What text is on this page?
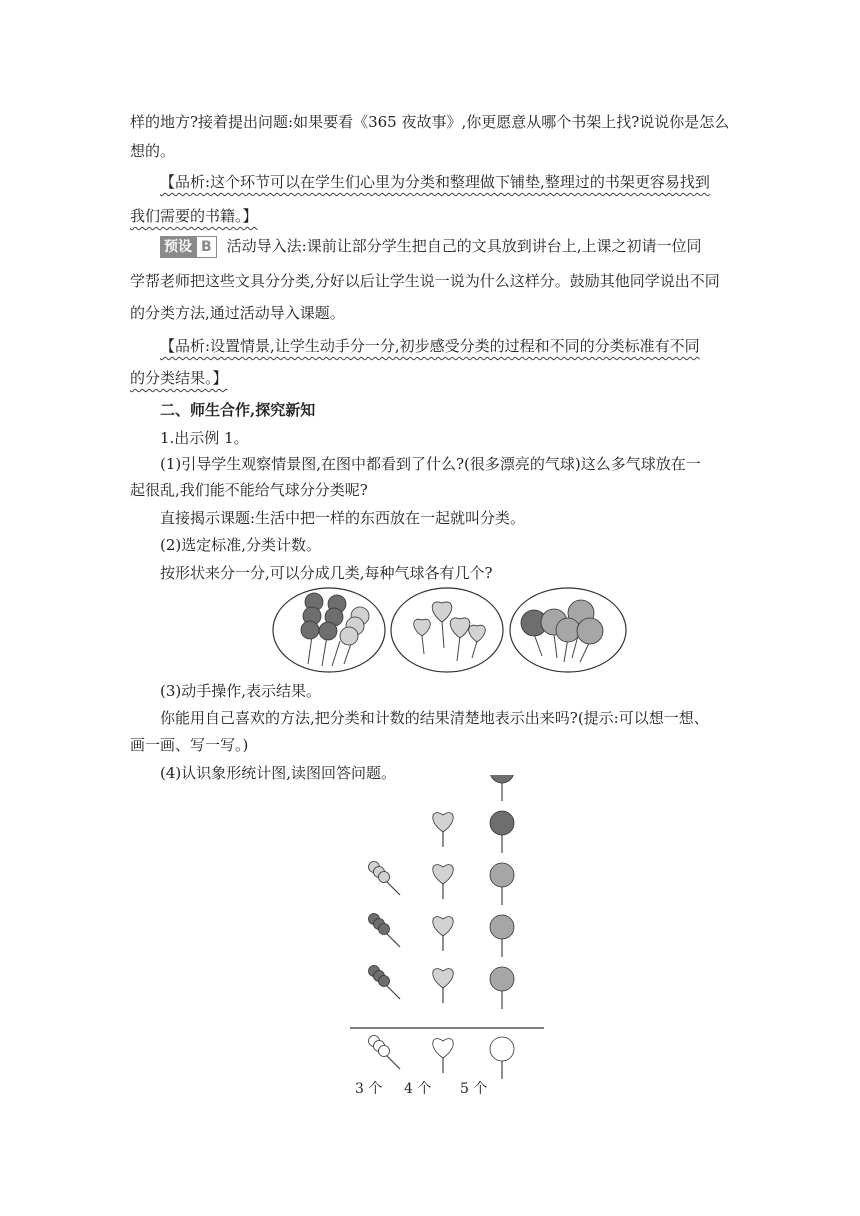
样的地方?接着提出问题:如果要看《365 夜故事》,你更愿意从哪个书架上找?说说你是怎么
想的。
【品析:这个环节可以在学生们心里为分类和整理做下铺垫,整理过的书架更容易找到
我们需要的书籍。】
预设 B 活动导入法:课前让部分学生把自己的文具放到讲台上,上课之初请一位同
学帮老师把这些文具分分类,分好以后让学生说一说为什么这样分。鼓励其他同学说出不同
的分类方法,通过活动导入课题。
【品析:设置情景,让学生动手分一分,初步感受分类的过程和不同的分类标准有不同
的分类结果。】
二、师生合作,探究新知
1.出示例 1。
(1)引导学生观察情景图,在图中都看到了什么?(很多漂亮的气球)这么多气球放在一
起很乱,我们能不能给气球分分类呢?
直接揭示课题:生活中把一样的东西放在一起就叫分类。
(2)选定标准,分类计数。
按形状来分一分,可以分成几类,每种气球各有几个?
(3)动手操作,表示结果。
你能用自己喜欢的方法,把分类和计数的结果清楚地表示出来吗?(提示:可以想一想、
画一画、写一写。)
(4)认识象形统计图,读图回答问题。
3 个 4 个 5 个
